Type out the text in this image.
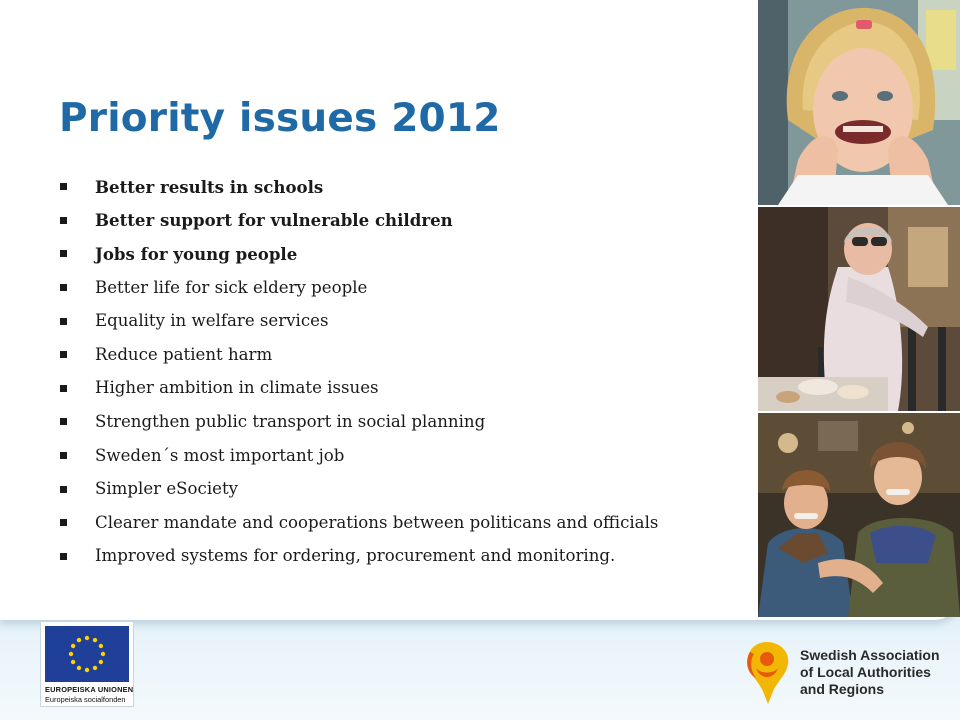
Priority issues 2012
Better results in schools
Better support for vulnerable children
Jobs for young people
Better life for sick eldery people
Equality in welfare services
Reduce patient harm
Higher ambition in climate issues
Strengthen public transport in social planning
Sweden´s most important job
Simpler eSociety
Clearer mandate and cooperations between politicans and officials
Improved systems for ordering, procurement and monitoring.
EUROPEISKA UNIONEN
Europeiska socialfonden
Swedish Association
of Local Authorities
and Regions
